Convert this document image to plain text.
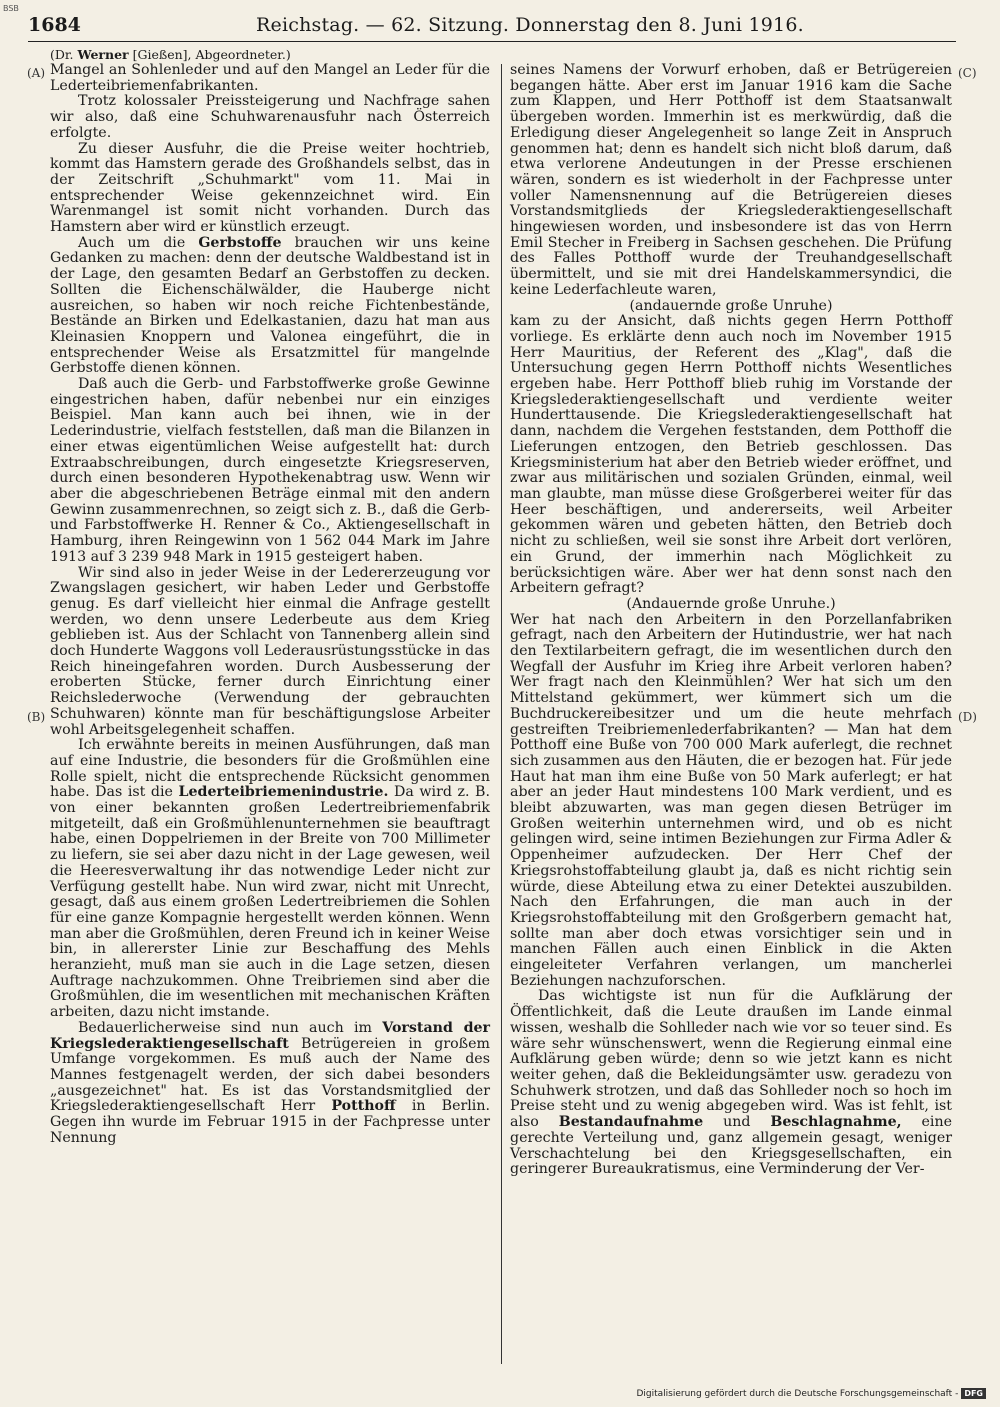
BSB
1684	Reichstag. — 62. Sitzung. Donnerstag den 8. Juni 1916.
(Dr. Werner [Gießen], Abgeordneter.)
(A)
(B)
(C)
(D)

Mangel an Sohlenleder und auf den Mangel an Leder für die Lederteibriemenfabrikanten.

Trotz kolossaler Preissteigerung und Nachfrage sahen wir also, daß eine Schuhwarenausfuhr nach Österreich erfolgte.

Zu dieser Ausfuhr, die die Preise weiter hochtrieb, kommt das Hamstern gerade des Großhandels selbst, das in der Zeitschrift „Schuhmarkt" vom 11. Mai in entsprechender Weise gekennzeichnet wird. Ein Warenmangel ist somit nicht vorhanden. Durch das Hamstern aber wird er künstlich erzeugt.

Auch um die Gerbstoffe brauchen wir uns keine Gedanken zu machen: denn der deutsche Waldbestand ist in der Lage, den gesamten Bedarf an Gerbstoffen zu decken. Sollten die Eichenschälwälder, die Hauberge nicht ausreichen, so haben wir noch reiche Fichtenbestände, Bestände an Birken und Edelkastanien, dazu hat man aus Kleinasien Knoppern und Valonea eingeführt, die in entsprechender Weise als Ersatzmittel für mangelnde Gerbstoffe dienen können.

Daß auch die Gerb- und Farbstoffwerke große Gewinne eingestrichen haben, dafür nebenbei nur ein einziges Beispiel. Man kann auch bei ihnen, wie in der Lederindustrie, vielfach feststellen, daß man die Bilanzen in einer etwas eigentümlichen Weise aufgestellt hat: durch Extraabschreibungen, durch eingesetzte Kriegsreserven, durch einen besonderen Hypothekenabtrag usw. Wenn wir aber die abgeschriebenen Beträge einmal mit den andern Gewinn zusammenrechnen, so zeigt sich z. B., daß die Gerb- und Farbstoffwerke H. Renner & Co., Aktiengesellschaft in Hamburg, ihren Reingewinn von 1 562 044 Mark im Jahre 1913 auf 3 239 948 Mark in 1915 gesteigert haben.

Wir sind also in jeder Weise in der Ledererzeugung vor Zwangslagen gesichert, wir haben Leder und Gerbstoffe genug. Es darf vielleicht hier einmal die Anfrage gestellt werden, wo denn unsere Lederbeute aus dem Krieg geblieben ist. Aus der Schlacht von Tannenberg allein sind doch Hunderte Waggons voll Lederausrüstungsstücke in das Reich hineingefahren worden. Durch Ausbesserung der eroberten Stücke, ferner durch Einrichtung einer Reichslederwoche (Verwendung der gebrauchten Schuhwaren) könnte man für beschäftigungslose Arbeiter wohl Arbeitsgelegenheit schaffen.

Ich erwähnte bereits in meinen Ausführungen, daß man auf eine Industrie, die besonders für die Großmühlen eine Rolle spielt, nicht die entsprechende Rücksicht genommen habe. Das ist die Lederteibriemenindustrie. Da wird z. B. von einer bekannten großen Ledertreibriemenfabrik mitgeteilt, daß ein Großmühlenunternehmen sie beauftragt habe, einen Doppelriemen in der Breite von 700 Millimeter zu liefern, sie sei aber dazu nicht in der Lage gewesen, weil die Heeresverwaltung ihr das notwendige Leder nicht zur Verfügung gestellt habe. Nun wird zwar, nicht mit Unrecht, gesagt, daß aus einem großen Ledertreibriemen die Sohlen für eine ganze Kompagnie hergestellt werden können. Wenn man aber die Großmühlen, deren Freund ich in keiner Weise bin, in allererster Linie zur Beschaffung des Mehls heranzieht, muß man sie auch in die Lage setzen, diesen Auftrage nachzukommen. Ohne Treibriemen sind aber die Großmühlen, die im wesentlichen mit mechanischen Kräften arbeiten, dazu nicht imstande.

Bedauerlicherweise sind nun auch im Vorstand der Kriegslederaktiengesellschaft Betrügereien in großem Umfange vorgekommen. Es muß auch der Name des Mannes festgenagelt werden, der sich dabei besonders „ausgezeichnet" hat. Es ist das Vorstandsmitglied der Kriegslederaktiengesellschaft Herr Potthoff in Berlin. Gegen ihn wurde im Februar 1915 in der Fachpresse unter Nennung

seines Namens der Vorwurf erhoben, daß er Betrügereien begangen hätte. Aber erst im Januar 1916 kam die Sache zum Klappen, und Herr Potthoff ist dem Staatsanwalt übergeben worden. Immerhin ist es merkwürdig, daß die Erledigung dieser Angelegenheit so lange Zeit in Anspruch genommen hat; denn es handelt sich nicht bloß darum, daß etwa verlorene Andeutungen in der Presse erschienen wären, sondern es ist wiederholt in der Fachpresse unter voller Namensnennung auf die Betrügereien dieses Vorstandsmitglieds der Kriegslederaktiengesellschaft hingewiesen worden, und insbesondere ist das von Herrn Emil Stecher in Freiberg in Sachsen geschehen. Die Prüfung des Falles Potthoff wurde der Treuhandgesellschaft übermittelt, und sie mit drei Handelskammersyndici, die keine Lederfachleute waren,

(andauernde große Unruhe)

kam zu der Ansicht, daß nichts gegen Herrn Potthoff vorliege. Es erklärte denn auch noch im November 1915 Herr Mauritius, der Referent des „Klag", daß die Untersuchung gegen Herrn Potthoff nichts Wesentliches ergeben habe. Herr Potthoff blieb ruhig im Vorstande der Kriegslederaktiengesellschaft und verdiente weiter Hunderttausende. Die Kriegslederaktiengesellschaft hat dann, nachdem die Vergehen feststanden, dem Potthoff die Lieferungen entzogen, den Betrieb geschlossen. Das Kriegsministerium hat aber den Betrieb wieder eröffnet, und zwar aus militärischen und sozialen Gründen, einmal, weil man glaubte, man müsse diese Großgerberei weiter für das Heer beschäftigen, und andererseits, weil Arbeiter gekommen wären und gebeten hätten, den Betrieb doch nicht zu schließen, weil sie sonst ihre Arbeit dort verlören, ein Grund, der immerhin nach Möglichkeit zu berücksichtigen wäre. Aber wer hat denn sonst nach den Arbeitern gefragt?

(Andauernde große Unruhe.)

Wer hat nach den Arbeitern in den Porzellanfabriken gefragt, nach den Arbeitern der Hutindustrie, wer hat nach den Textilarbeitern gefragt, die im wesentlichen durch den Wegfall der Ausfuhr im Krieg ihre Arbeit verloren haben? Wer fragt nach den Kleinmühlen? Wer hat sich um den Mittelstand gekümmert, wer kümmert sich um die Buchdruckereibesitzer und um die heute mehrfach gestreiften Treibriemenlederfabrikanten? — Man hat dem Potthoff eine Buße von 700 000 Mark auferlegt, die rechnet sich zusammen aus den Häuten, die er bezogen hat. Für jede Haut hat man ihm eine Buße von 50 Mark auferlegt; er hat aber an jeder Haut mindestens 100 Mark verdient, und es bleibt abzuwarten, was man gegen diesen Betrüger im Großen weiterhin unternehmen wird, und ob es nicht gelingen wird, seine intimen Beziehungen zur Firma Adler & Oppenheimer aufzudecken. Der Herr Chef der Kriegsrohstoffabteilung glaubt ja, daß es nicht richtig sein würde, diese Abteilung etwa zu einer Detektei auszubilden. Nach den Erfahrungen, die man auch in der Kriegsrohstoffabteilung mit den Großgerbern gemacht hat, sollte man aber doch etwas vorsichtiger sein und in manchen Fällen auch einen Einblick in die Akten eingeleiteter Verfahren verlangen, um mancherlei Beziehungen nachzuforschen.

Das wichtigste ist nun für die Aufklärung der Öffentlichkeit, daß die Leute draußen im Lande einmal wissen, weshalb die Sohlleder nach wie vor so teuer sind. Es wäre sehr wünschenswert, wenn die Regierung einmal eine Aufklärung geben würde; denn so wie jetzt kann es nicht weiter gehen, daß die Bekleidungsämter usw. geradezu von Schuhwerk strotzen, und daß das Sohlleder noch so hoch im Preise steht und zu wenig abgegeben wird. Was ist fehlt, ist also Bestandaufnahme und Beschlagnahme, eine gerechte Verteilung und, ganz allgemein gesagt, weniger Verschachtelung bei den Kriegsgesellschaften, ein geringerer Bureaukratismus, eine Verminderung der Ver-

Digitalisierung gefördert durch die Deutsche Forschungsgemeinschaft - DFG
